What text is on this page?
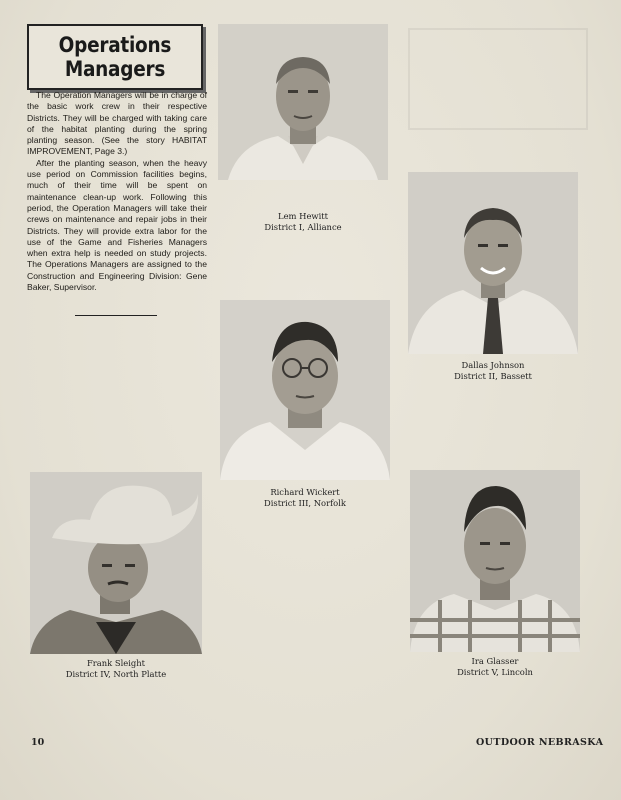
Operations
Managers

The Operation Managers will be in charge of the basic work crew in their respective Districts. They will be charged with taking care of the habitat planting during the spring planting season. (See the story HABITAT IMPROVEMENT, Page 3.)

After the planting season, when the heavy use period on Commission facilities begins, much of their time will be spent on maintenance clean-up work. Following this period, the Operation Managers will take their crews on maintenance and repair jobs in their Districts. They will provide extra labor for the use of the Game and Fisheries Managers when extra help is needed on study projects. The Operations Managers are assigned to the Construction and Engineering Division: Gene Baker, Supervisor.

Lem Hewitt
District I, Alliance
Dallas Johnson
District II, Bassett
Richard Wickert
District III, Norfolk
Frank Sleight
District IV, North Platte
Ira Glasser
District V, Lincoln
10	OUTDOOR NEBRASKA
